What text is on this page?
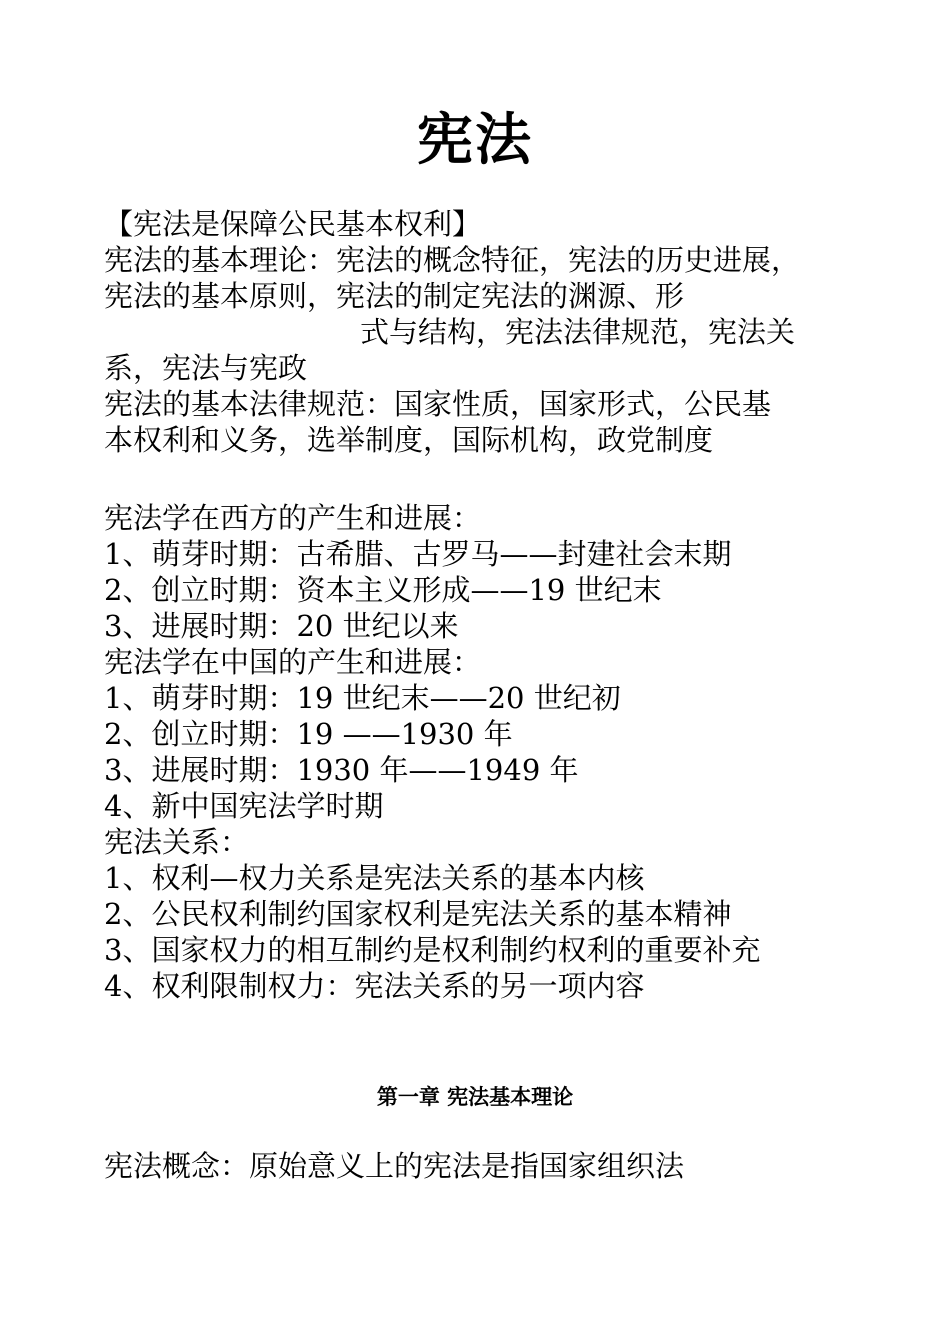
宪法
【宪法是保障公民基本权利】
宪法的基本理论：宪法的概念特征，宪法的历史进展，
宪法的基本原则，宪法的制定宪法的渊源、形
式与结构，宪法法律规范，宪法关
系，宪法与宪政
宪法的基本法律规范：国家性质，国家形式，公民基
本权利和义务，选举制度，国际机构，政党制度
宪法学在西方的产生和进展：
1、萌芽时期：古希腊、古罗马——封建社会末期
2、创立时期：资本主义形成——19 世纪末
3、进展时期：20 世纪以来
宪法学在中国的产生和进展：
1、萌芽时期：19 世纪末——20 世纪初
2、创立时期：19 ——1930 年
3、进展时期：1930 年——1949 年
4、新中国宪法学时期
宪法关系：
1、权利—权力关系是宪法关系的基本内核
2、公民权利制约国家权利是宪法关系的基本精神
3、国家权力的相互制约是权利制约权利的重要补充
4、权利限制权力：宪法关系的另一项内容
第一章 宪法基本理论
宪法概念：原始意义上的宪法是指国家组织法
